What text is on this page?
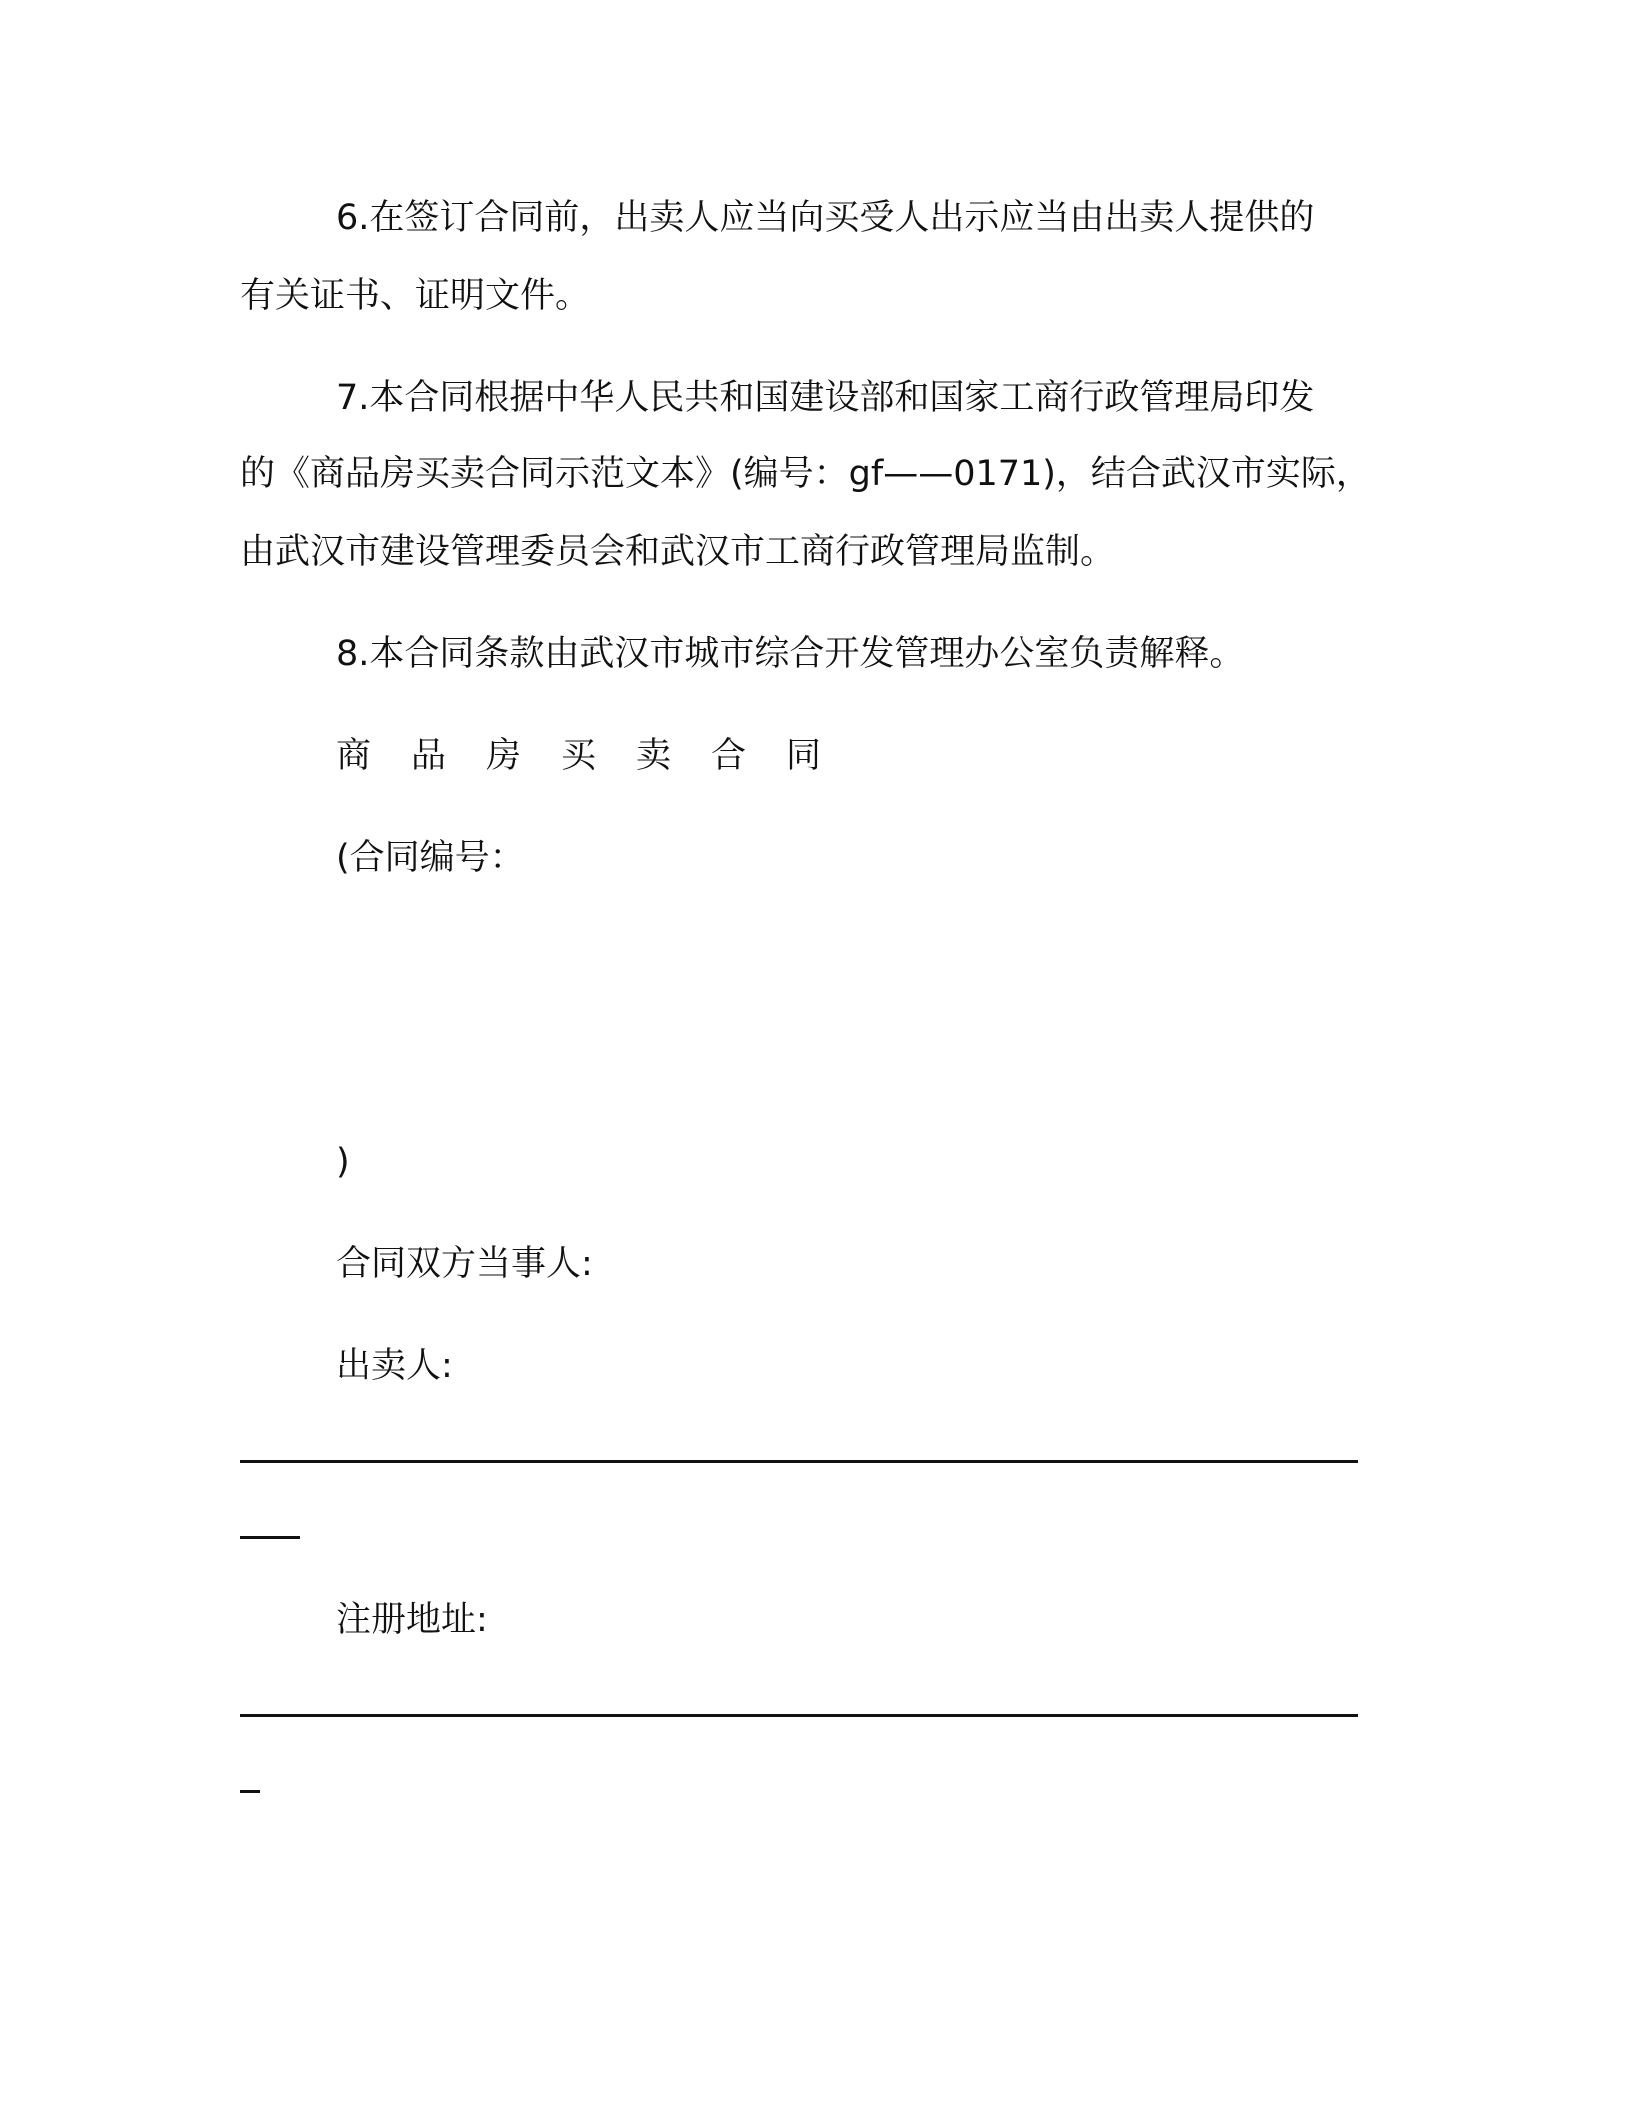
6.在签订合同前，出卖人应当向买受人出示应当由出卖人提供的

有关证书、证明文件。

7.本合同根据中华人民共和国建设部和国家工商行政管理局印发

的《商品房买卖合同示范文本》(编号：gf——0171)，结合武汉市实际，

由武汉市建设管理委员会和武汉市工商行政管理局监制。

8.本合同条款由武汉市城市综合开发管理办公室负责解释。

商品房买卖合同

(合同编号：

)

合同双方当事人:

出卖人:

注册地址:
